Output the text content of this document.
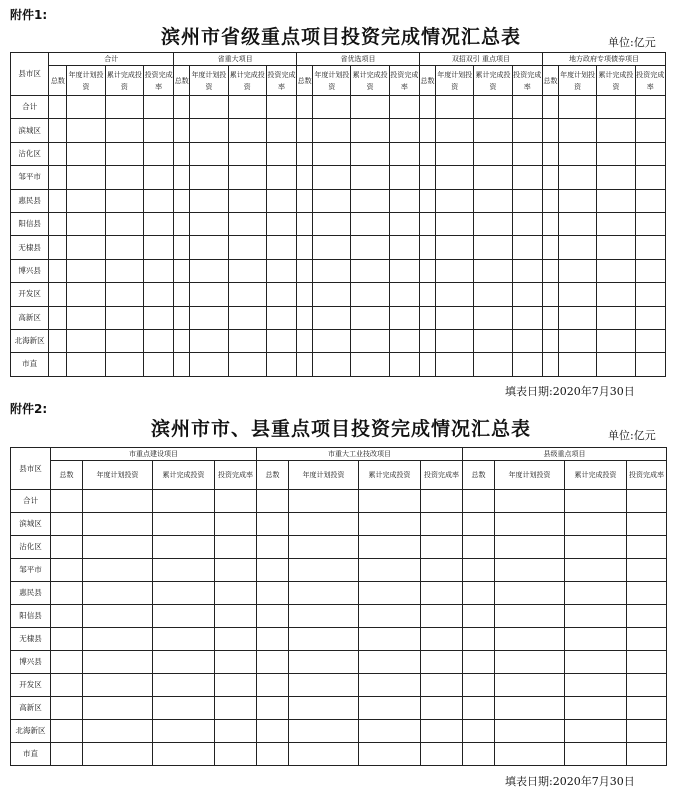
附件1:
滨州市省级重点项目投资完成情况汇总表	单位:亿元
县市区	合计				省重大项目				省优选项目				双招双引 重点项目				地方政府专项债券项目			
	总数	年度计划投资	累计完成投资	投资完成率	总数	年度计划投资	累计完成投资	投资完成率	总数	年度计划投资	累计完成投资	投资完成率	总数	年度计划投资	累计完成投资	投资完成率	总数	年度计划投资	累计完成投资	投资完成率
合计																				
滨城区																				
沾化区																				
邹平市																				
惠民县																				
阳信县																				
无棣县																				
博兴县																				
开发区																				
高新区																				
北海新区																				
市直																				
填表日期:2020年7月30日
附件2:
滨州市市、县重点项目投资完成情况汇总表	单位:亿元
县市区	市重点建设项目				市重大工业技改项目				县级重点项目			
	总数	年度计划投资	累计完成投资	投资完成率	总数	年度计划投资	累计完成投资	投资完成率	总数	年度计划投资	累计完成投资	投资完成率
合计												
滨城区												
沾化区												
邹平市												
惠民县												
阳信县												
无棣县												
博兴县												
开发区												
高新区												
北海新区												
市直												
填表日期:2020年7月30日
